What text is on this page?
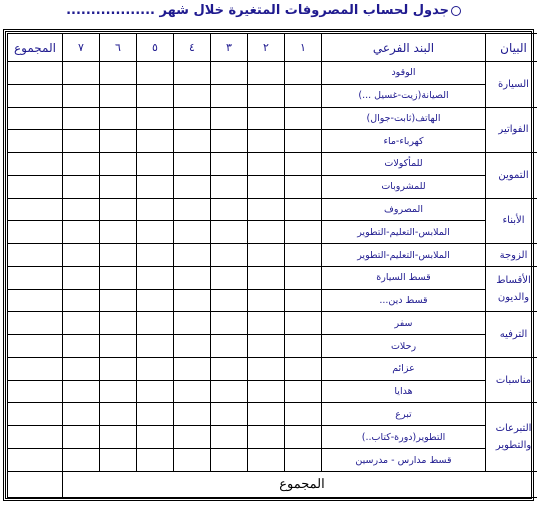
جدول لحساب المصروفات المتغيرة خلال شهر ..................
المجموع	٧	٦	٥	٤	٣	٢	١	البند الفرعي	البيان
								الوقود	السيارة
								الصيانة(زيت-غسيل ...)	
								الهاتف(ثابت-جوال)	الفواتير
								كهرباء-ماء	
								للمأكولات	التموين
								للمشروبات	
								المصروف	الأبناء
								الملابس-التعليم-التطوير	
								الملابس-التعليم-التطوير	الزوجة
								قسط السيارة	الأقساط والديون
								قسط دين...	
								سفر	الترفيه
								رحلات	
								عزائم	مناسبات
								هدايا	
								تبرع	التبرعات والتطوير
								التطوير(دورة-كتاب..)	
								قسط مدارس - مدرسين	
	المجموع								
